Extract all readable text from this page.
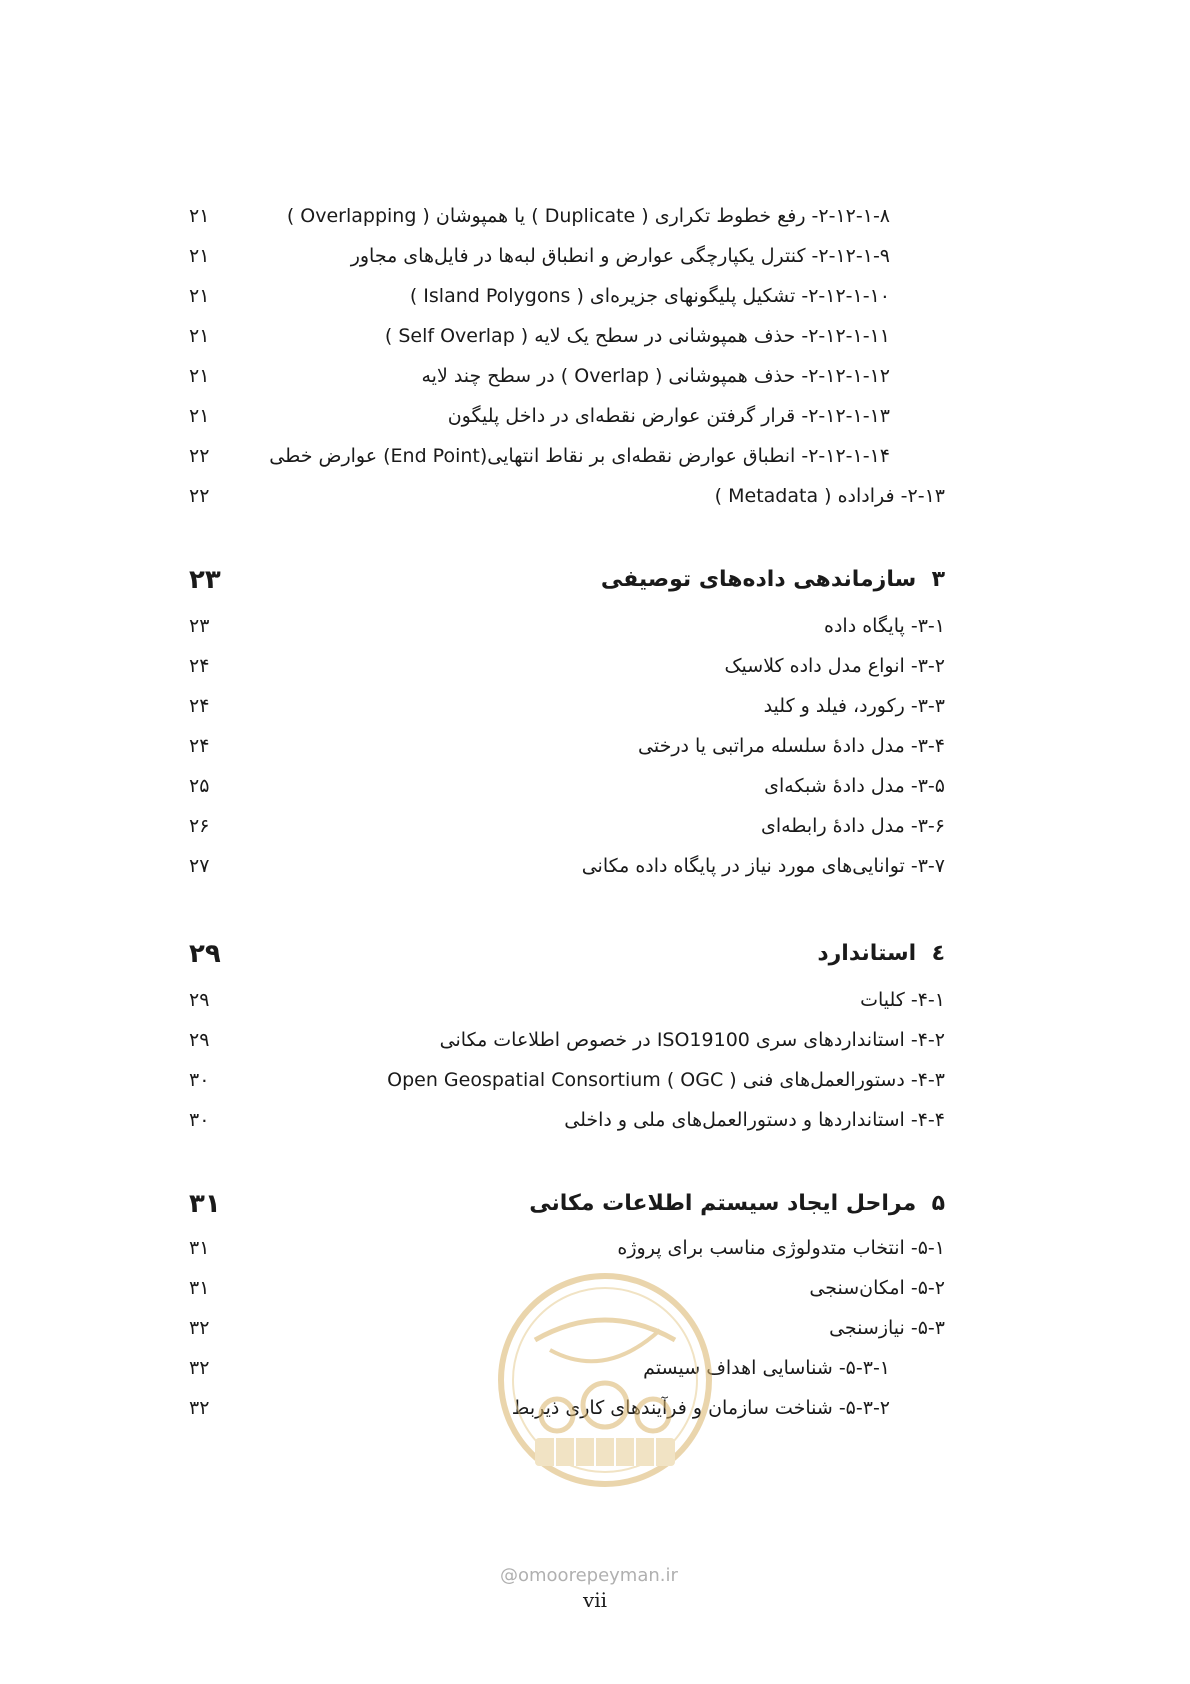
۲۱	۲-۱۲-۱-۸- رفع خطوط تکراری ( Duplicate ) یا همپوشان ( Overlapping )
۲۱	۲-۱۲-۱-۹- کنترل یکپارچگی عوارض و انطباق لبه‌ها در فایل‌های مجاور
۲۱	۲-۱۲-۱-۱۰- تشکیل پلیگونهای جزیره‌ای ( Island Polygons )
۲۱	۲-۱۲-۱-۱۱- حذف همپوشانی در سطح یک لایه ( Self Overlap )
۲۱	۲-۱۲-۱-۱۲- حذف همپوشانی ( Overlap ) در سطح چند لایه
۲۱	۲-۱۲-۱-۱۳- قرار گرفتن عوارض نقطه‌ای در داخل پلیگون
۲۲	۲-۱۲-۱-۱۴- انطباق عوارض نقطه‌ای بر نقاط انتهایی(End Point) عوارض خطی
۲۲	۲-۱۳- فراداده ( Metadata )
۲۳	۳  سازماندهی داده‌های توصیفی
۲۳	۳-۱- پایگاه داده
۲۴	۳-۲- انواع مدل داده کلاسیک
۲۴	۳-۳- رکورد، فیلد و کلید
۲۴	۳-۴- مدل دادهٔ سلسله مراتبی یا درختی
۲۵	۳-۵- مدل دادهٔ شبکه‌ای
۲۶	۳-۶- مدل دادهٔ رابطه‌ای
۲۷	۳-۷- توانایی‌های مورد نیاز در پایگاه داده مکانی
۲۹	٤  استاندارد
۲۹	۴-۱- کلیات
۲۹	۴-۲- استانداردهای سری ISO19100 در خصوص اطلاعات مکانی
۳۰	۴-۳- دستورالعمل‌های فنی ( Open Geospatial Consortium ( OGC
۳۰	۴-۴- استانداردها و دستورالعمل‌های ملی و داخلی
۳۱	۵  مراحل ایجاد سیستم اطلاعات مکانی
۳۱	۵-۱- انتخاب متدولوژی مناسب برای پروژه
۳۱	۵-۲- امکان‌سنجی
۳۲	۵-۳- نیازسنجی
۳۲	۵-۳-۱- شناسایی اهداف سیستم
۳۲	۵-۳-۲- شناخت سازمان و فرآیندهای کاری ذیربط
@omoorepeyman.ir
vii
